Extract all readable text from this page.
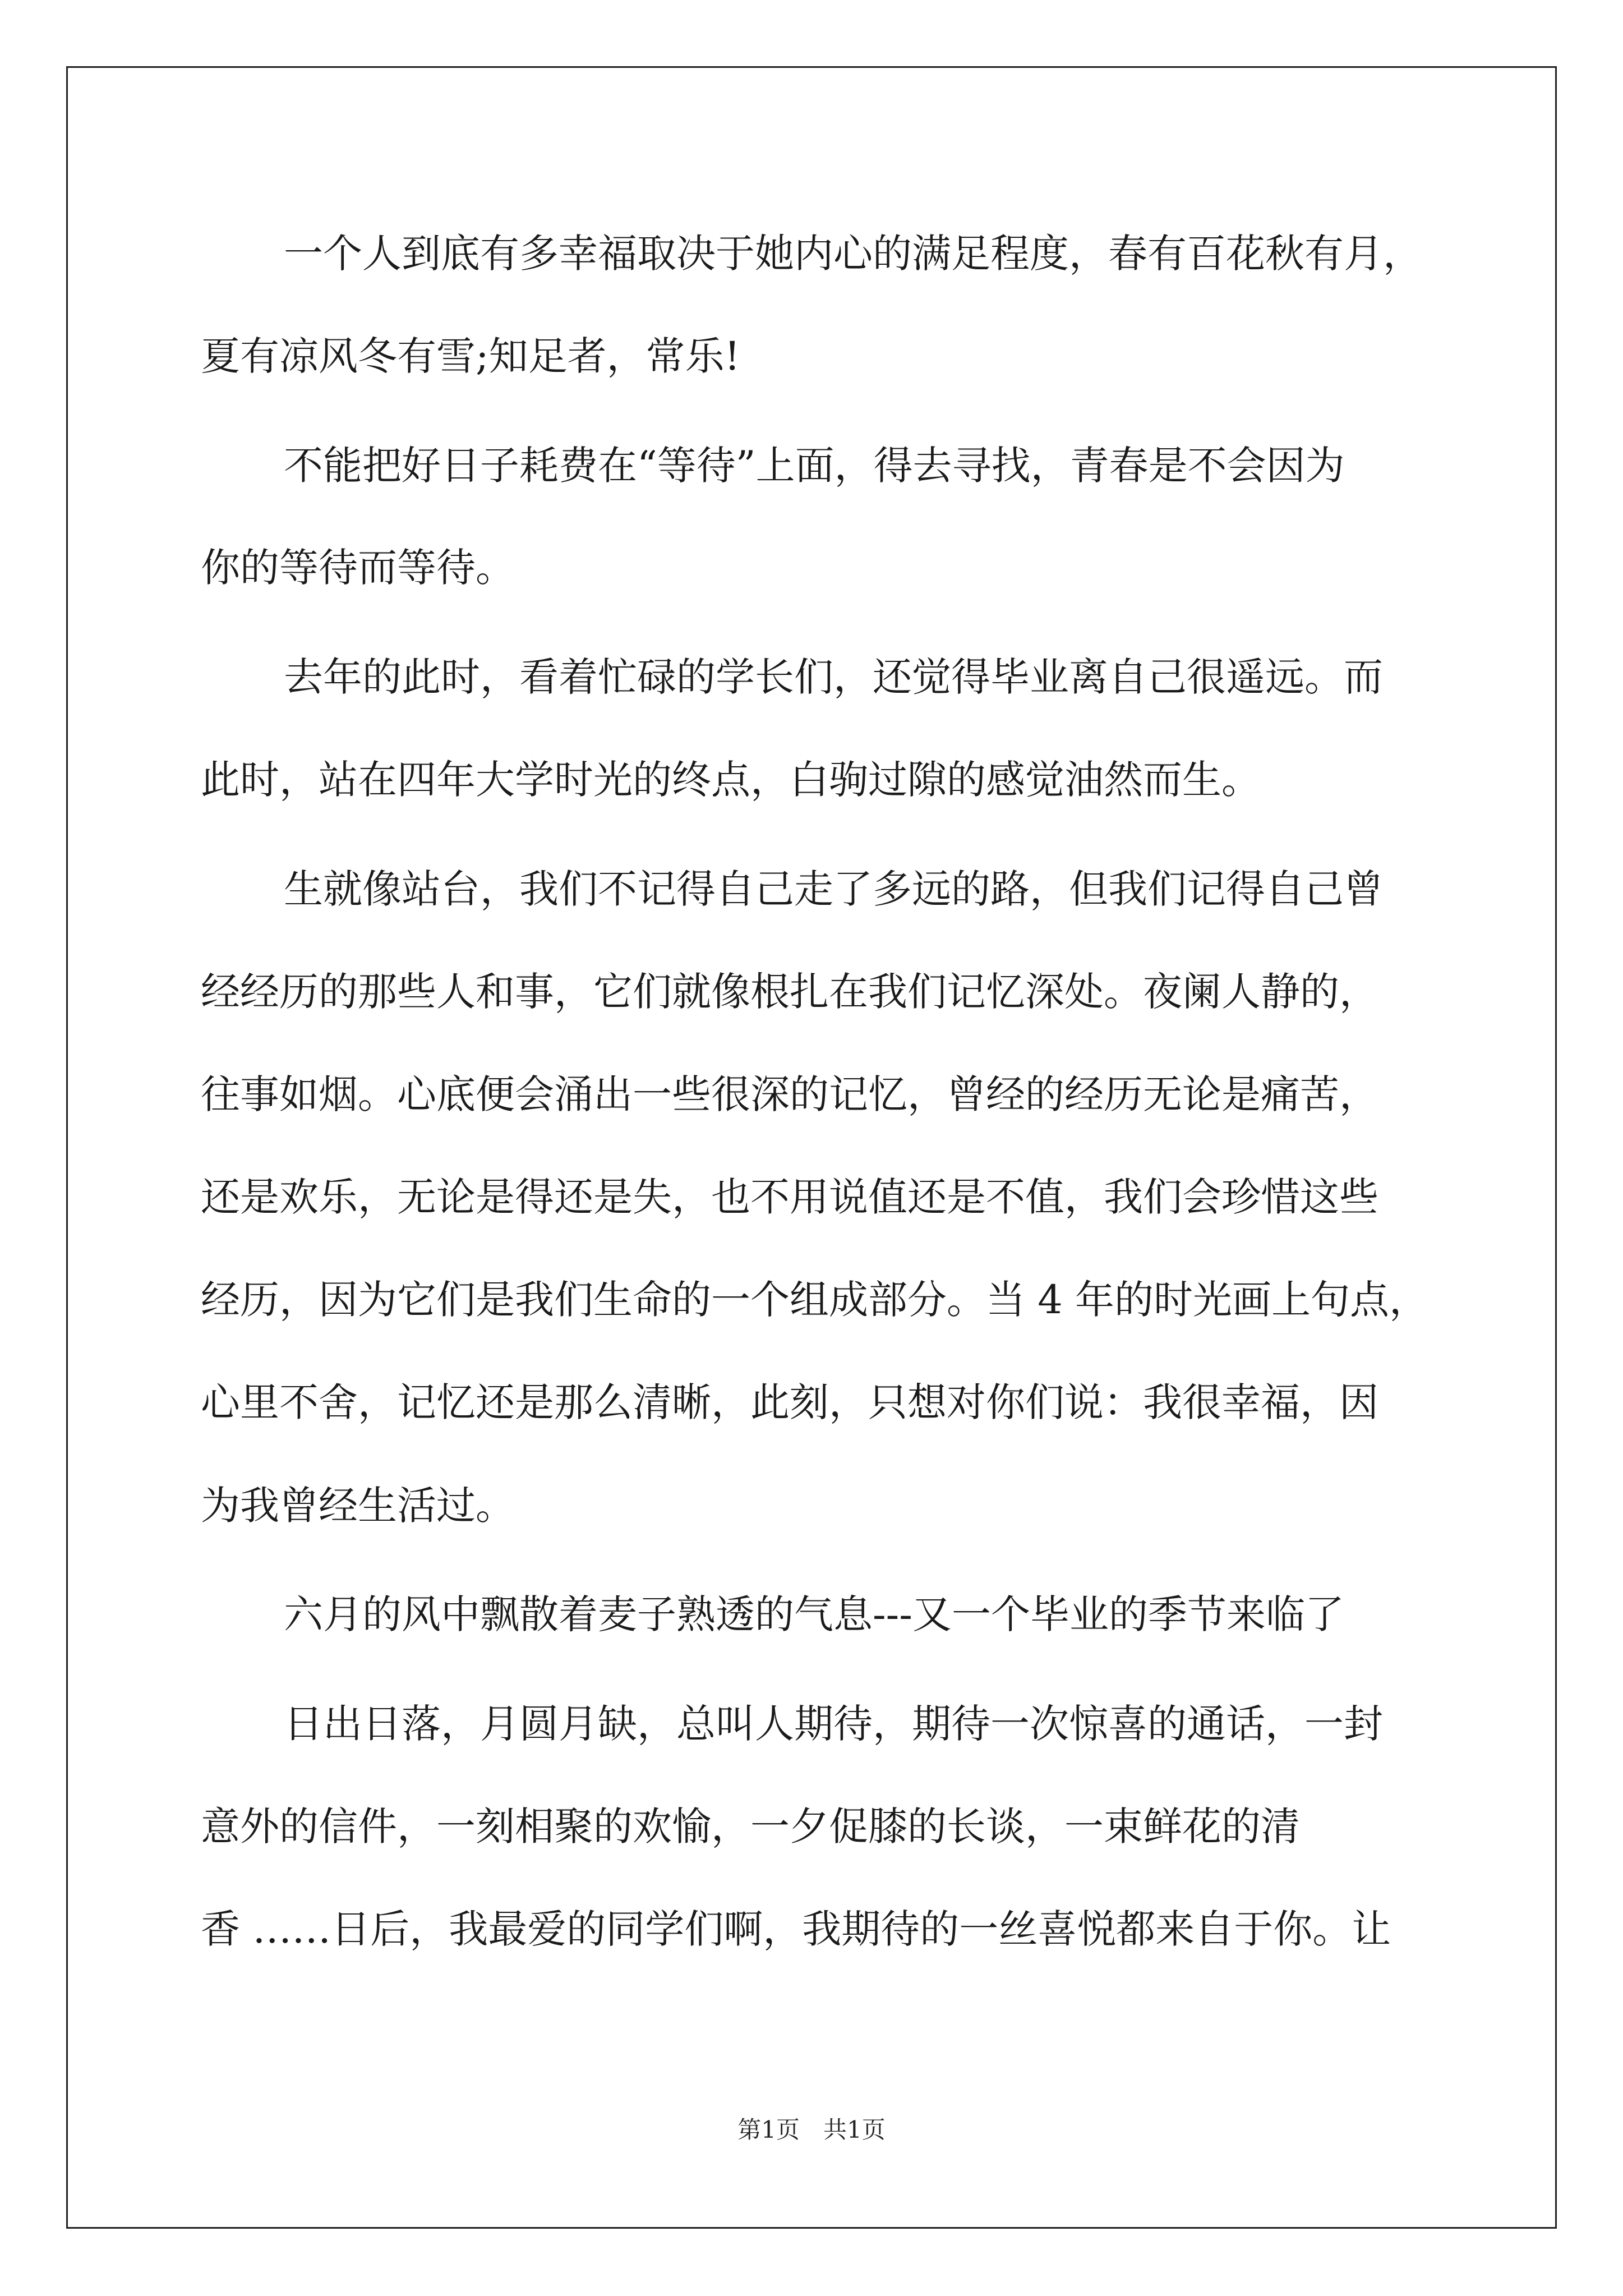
一个人到底有多幸福取决于她内心的满足程度，春有百花秋有月，
夏有凉风冬有雪;知足者，常乐!
不能把好日子耗费在“等待”上面，得去寻找，青春是不会因为
你的等待而等待。
去年的此时，看着忙碌的学长们，还觉得毕业离自己很遥远。而
此时，站在四年大学时光的终点，白驹过隙的感觉油然而生。
生就像站台，我们不记得自己走了多远的路，但我们记得自己曾
经经历的那些人和事，它们就像根扎在我们记忆深处。夜阑人静的，
往事如烟。心底便会涌出一些很深的记忆，曾经的经历无论是痛苦，
还是欢乐，无论是得还是失，也不用说值还是不值，我们会珍惜这些
经历，因为它们是我们生命的一个组成部分。当 4 年的时光画上句点，
心里不舍，记忆还是那么清晰，此刻，只想对你们说：我很幸福，因
为我曾经生活过。
六月的风中飘散着麦子熟透的气息---又一个毕业的季节来临了
日出日落，月圆月缺，总叫人期待，期待一次惊喜的通话，一封
意外的信件，一刻相聚的欢愉，一夕促膝的长谈，一束鲜花的清
香 ……日后，我最爱的同学们啊，我期待的一丝喜悦都来自于你。让
第1页　共1页
